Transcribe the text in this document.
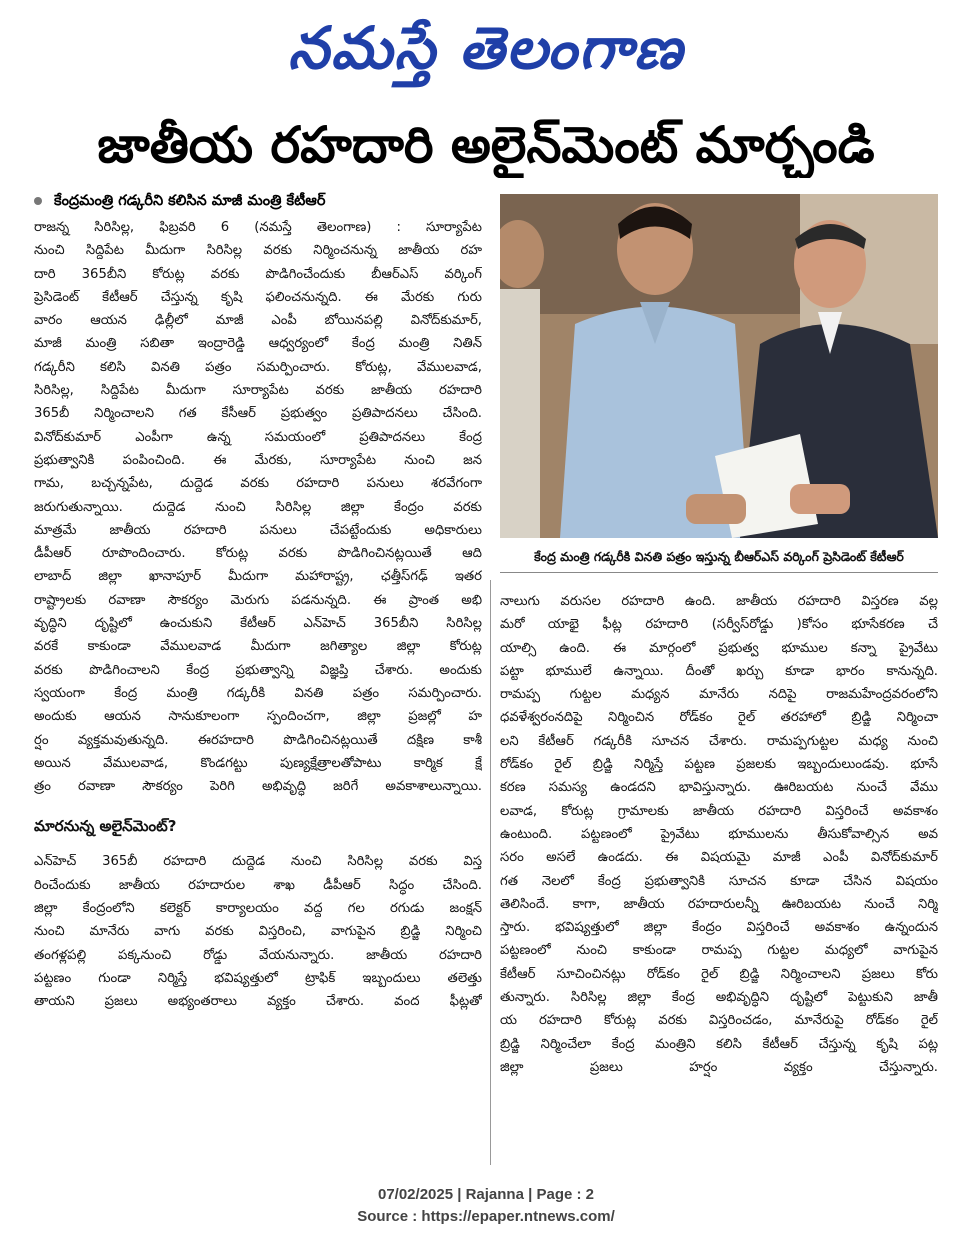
నమస్తే తెలంగాణ
జాతీయ రహదారి అలైన్‌మెంట్ మార్చండి
కేంద్రమంత్రి గడ్కరీని కలిసిన మాజీ మంత్రి కేటీఆర్
రాజన్న సిరిసిల్ల, ఫిబ్రవరి 6 (నమస్తే తెలంగాణ) : సూర్యాపేట
నుంచి సిద్దిపేట మీదుగా సిరిసిల్ల వరకు నిర్మించనున్న జాతీయ రహ
దారి 365బీని కోరుట్ల వరకు పొడిగించేందుకు బీఆర్ఎస్ వర్కింగ్
ప్రెసిడెంట్ కేటీఆర్ చేస్తున్న కృషి ఫలించనున్నది. ఈ మేరకు గురు
వారం ఆయన ఢిల్లీలో మాజీ ఎంపీ బోయినపల్లి వినోద్‌కుమార్,
మాజీ మంత్రి సబితా ఇంద్రారెడ్డి ఆధ్వర్యంలో కేంద్ర మంత్రి నితిన్
గడ్కరీని కలిసి వినతి పత్రం సమర్పించారు. కోరుట్ల, వేములవాడ,
సిరిసిల్ల, సిద్దిపేట మీదుగా సూర్యాపేట వరకు జాతీయ రహదారి
365బీ నిర్మించాలని గత కేసీఆర్ ప్రభుత్వం ప్రతిపాదనలు చేసింది.
వినోద్‌కుమార్ ఎంపీగా ఉన్న సమయంలో ప్రతిపాదనలు కేంద్ర
ప్రభుత్వానికి పంపించింది. ఈ మేరకు, సూర్యాపేట నుంచి జన
గామ, బచ్చన్నపేట, దుద్దెడ వరకు రహదారి పనులు శరవేగంగా
జరుగుతున్నాయి. దుద్దెడ నుంచి సిరిసిల్ల జిల్లా కేంద్రం వరకు
మాత్రమే జాతీయ రహదారి పనులు చేపట్టేందుకు అధికారులు
డీపీఆర్ రూపొందించారు. కోరుట్ల వరకు పొడిగించినట్లయితే ఆది
లాబాద్ జిల్లా ఖానాపూర్ మీదుగా మహారాష్ట్ర, ఛత్తీస్‌గఢ్ ఇతర
రాష్ట్రాలకు రవాణా సౌకర్యం మెరుగు పడనున్నది. ఈ ప్రాంత అభి
వృద్ధిని దృష్టిలో ఉంచుకుని కేటీఆర్ ఎన్‌హెచ్ 365బీని సిరిసిల్ల
వరకే కాకుండా వేములవాడ మీదుగా జగిత్యాల జిల్లా కోరుట్ల
వరకు పొడిగించాలని కేంద్ర ప్రభుత్వాన్ని విజ్ఞప్తి చేశారు. అందుకు
స్వయంగా కేంద్ర మంత్రి గడ్కరీకి వినతి పత్రం సమర్పించారు.
అందుకు ఆయన సానుకూలంగా స్పందించగా, జిల్లా ప్రజల్లో హ
ర్షం వ్యక్తమవుతున్నది. ఈరహదారి పొడిగించినట్లయితే దక్షిణ కాశీ
అయిన వేములవాడ, కొండగట్టు పుణ్యక్షేత్రాలతోపాటు కార్మిక క్షే
త్రం రవాణా సౌకర్యం పెరిగి అభివృద్ధి జరిగే అవకాశాలున్నాయి.
మారనున్న అలైన్‌మెంట్?
ఎన్‌హెచ్ 365బీ రహదారి దుద్దెడ నుంచి సిరిసిల్ల వరకు విస్త
రించేందుకు జాతీయ రహదారుల శాఖ డీపీఆర్ సిద్ధం చేసింది.
జిల్లా కేంద్రంలోని కలెక్టర్ కార్యాలయం వద్ద గల రగుడు జంక్షన్
నుంచి మానేరు వాగు వరకు విస్తరించి, వాగుపైన బ్రిడ్జి నిర్మించి
తంగళ్లపల్లి పక్కనుంచి రోడ్డు వేయనున్నారు. జాతీయ రహదారి
పట్టణం గుండా నిర్మిస్తే భవిష్యత్తులో ట్రాఫిక్ ఇబ్బందులు తలెత్తు
తాయని ప్రజలు అభ్యంతరాలు వ్యక్తం చేశారు. వంద ఫీట్లతో
కేంద్ర మంత్రి గడ్కరీకి వినతి పత్రం ఇస్తున్న బీఆర్ఎస్ వర్కింగ్ ప్రెసిడెంట్ కేటీఆర్
నాలుగు వరుసల రహదారి ఉంది. జాతీయ రహదారి విస్తరణ వల్ల
మరో యాభై ఫీట్ల రహదారి (సర్వీస్‌రోడ్డు )కోసం భూసేకరణ చే
యాల్సి ఉంది. ఈ మార్గంలో ప్రభుత్వ భూముల కన్నా ప్రైవేటు
పట్టా భూములే ఉన్నాయి. దీంతో ఖర్చు కూడా భారం కానున్నది.
రామప్ప గుట్టల మధ్యన మానేరు నదిపై రాజమహేంద్రవరంలోని
ధవళేశ్వరంనదిపై నిర్మించిన రోడ్‌కం రైల్ తరహాలో బ్రిడ్జి నిర్మించా
లని కేటీఆర్ గడ్కరీకి సూచన చేశారు. రామప్పగుట్టల మధ్య నుంచి
రోడ్‌కం రైల్ బ్రిడ్జి నిర్మిస్తే పట్టణ ప్రజలకు ఇబ్బందులుండవు. భూసే
కరణ సమస్య ఉండదని భావిస్తున్నారు. ఊరిబయట నుంచే వేము
లవాడ, కోరుట్ల గ్రామాలకు జాతీయ రహదారి విస్తరించే అవకాశం
ఉంటుంది. పట్టణంలో ప్రైవేటు భూములను తీసుకోవాల్సిన అవ
సరం అసలే ఉండదు. ఈ విషయమై మాజీ ఎంపీ వినోద్‌కుమార్
గత నెలలో కేంద్ర ప్రభుత్వానికి సూచన కూడా చేసిన విషయం
తెలిసిందే. కాగా, జాతీయ రహదారులన్నీ ఊరిబయట నుంచే నిర్మి
స్తారు. భవిష్యత్తులో జిల్లా కేంద్రం విస్తరించే అవకాశం ఉన్నందున
పట్టణంలో నుంచి కాకుండా రామప్ప గుట్టల మధ్యలో వాగుపైన
కేటీఆర్ సూచించినట్లు రోడ్‌కం రైల్ బ్రిడ్జి నిర్మించాలని ప్రజలు కోరు
తున్నారు. సిరిసిల్ల జిల్లా కేంద్ర అభివృద్ధిని దృష్టిలో పెట్టుకుని జాతీ
య రహదారి కోరుట్ల వరకు విస్తరించడం, మానేరుపై రోడ్‌కం రైల్
బ్రిడ్జి నిర్మించేలా కేంద్ర మంత్రిని కలిసి కేటీఆర్ చేస్తున్న కృషి పట్ల
జిల్లా ప్రజలు హర్షం వ్యక్తం చేస్తున్నారు.
07/02/2025 | Rajanna | Page : 2
Source : https://epaper.ntnews.com/
